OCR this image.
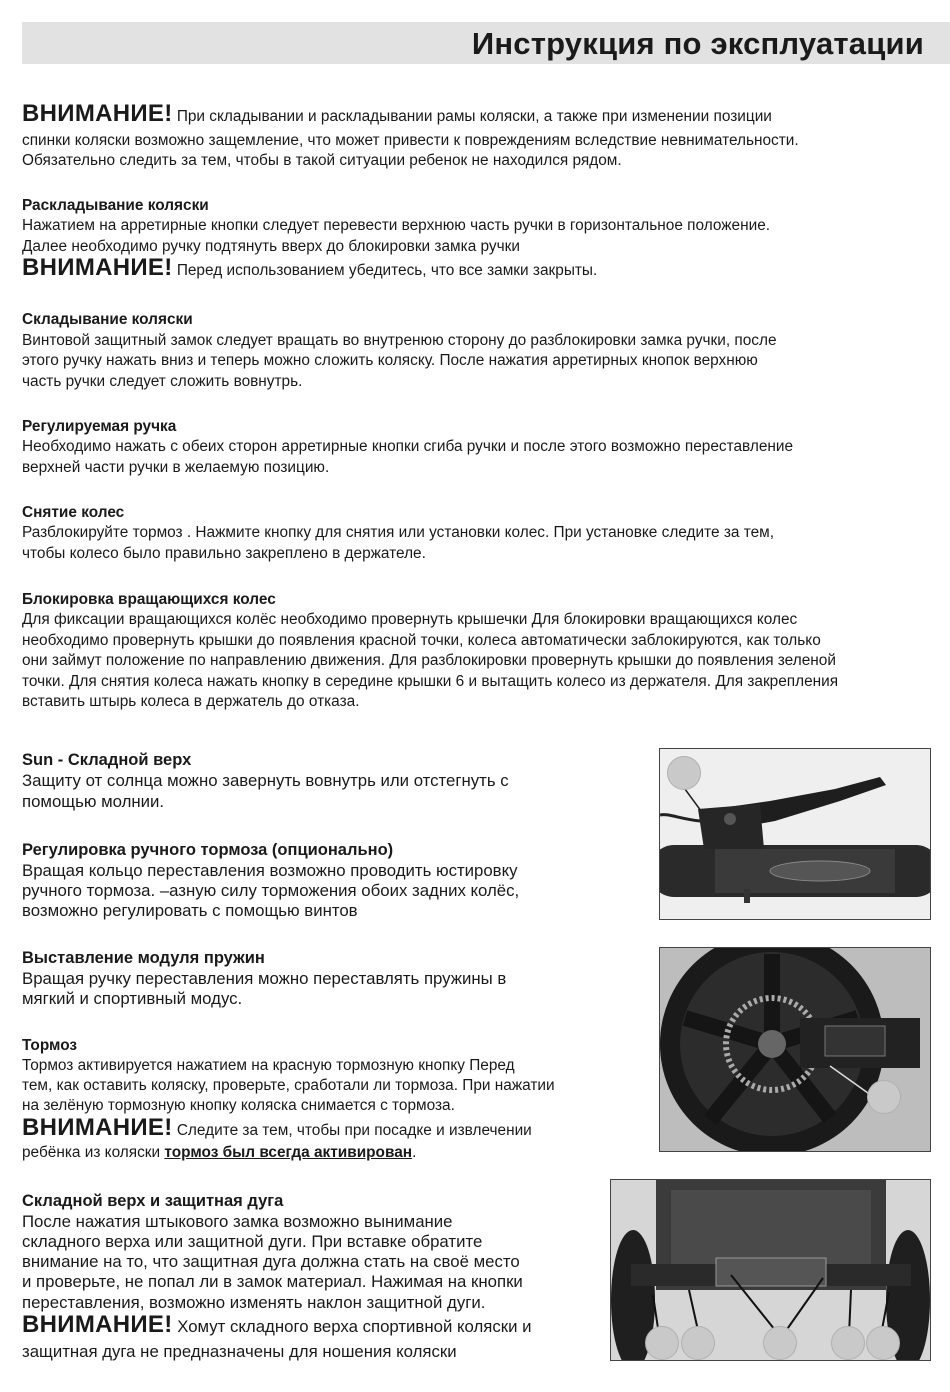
Инструкция по эксплуатации
ВНИМАНИЕ! При складывании и раскладывании рамы коляски, а также при изменении позиции
спинки коляски возможно защемление, что может привести к повреждениям вследствие невнимательности.
Обязательно следить за тем, чтобы в такой ситуации ребенок не находился рядом.
Раскладывание коляски
Нажатием на арретирные кнопки следует перевести верхнюю часть ручки в горизонтальное положение.
Далее необходимо ручку подтянуть вверх до блокировки замка ручки
ВНИМАНИЕ! Перед использованием убедитесь, что все замки закрыты.
Складывание коляски
Винтовой защитный замок следует вращать во внутренюю сторону до разблокировки замка ручки, после
этого ручку нажать вниз и теперь можно сложить коляску. После нажатия арретирных кнопок верхнюю
часть ручки следует сложить вовнутрь.
Регулируемая ручка
Необходимо нажать с обеих сторон арретирные кнопки сгиба ручки и после этого возможно переставление
верхней части ручки в желаемую позицию.
Снятие колес
Разблокируйте тормоз . Нажмите кнопку для снятия или установки колес. При установке следите за тем,
чтобы колесо было правильно закреплено в держателе.
Блокировка вращающихся колес
Для фиксации вращающихся колёс необходимо провернуть крышечки Для блокировки вращающихся колес
необходимо провернуть крышки до появления красной точки, колеса автоматически заблокируются, как только
они займут положение по направлению движения. Для разблокировки провернуть крышки до появления зеленой
точки. Для снятия колеса нажать кнопку в середине крышки 6 и вытащить колесо из держателя. Для закрепления
вставить штырь колеса в держатель до отказа.
Sun - Складной верх
Защиту от солнца можно завернуть вовнутрь или отстегнуть с
помощью молнии.
Регулировка ручного тормоза (опционально)
Вращая кольцо переставления возможно проводить юстировку
ручного тормоза. –азную силу торможения обоих задних колёс,
возможно регулировать с помощью винтов
Выставление модуля пружин
Вращая ручку переставления можно переставлять пружины в
мягкий и спортивный модус.
Тормоз
Тормоз активируется нажатием на красную тормозную кнопку Перед
тем, как оставить коляску, проверьте, сработали ли тормоза. При нажатии
на зелёную тормозную кнопку коляска снимается с тормоза.
ВНИМАНИЕ! Следите за тем, чтобы при посадке и извлечении
ребёнка из коляски тормоз был всегда активирован.
Складной верх и защитная дуга
После нажатия штыкового замка возможно вынимание
складного верха или защитной дуги. При вставке обратите
внимание на то, что защитная дуга должна стать на своё место
и проверьте, не попал ли в замок материал. Нажимая на кнопки
переставления, возможно изменять наклон защитной дуги.
ВНИМАНИЕ! Хомут складного верха спортивной коляски и
защитная дуга не предназначены для ношения коляски
